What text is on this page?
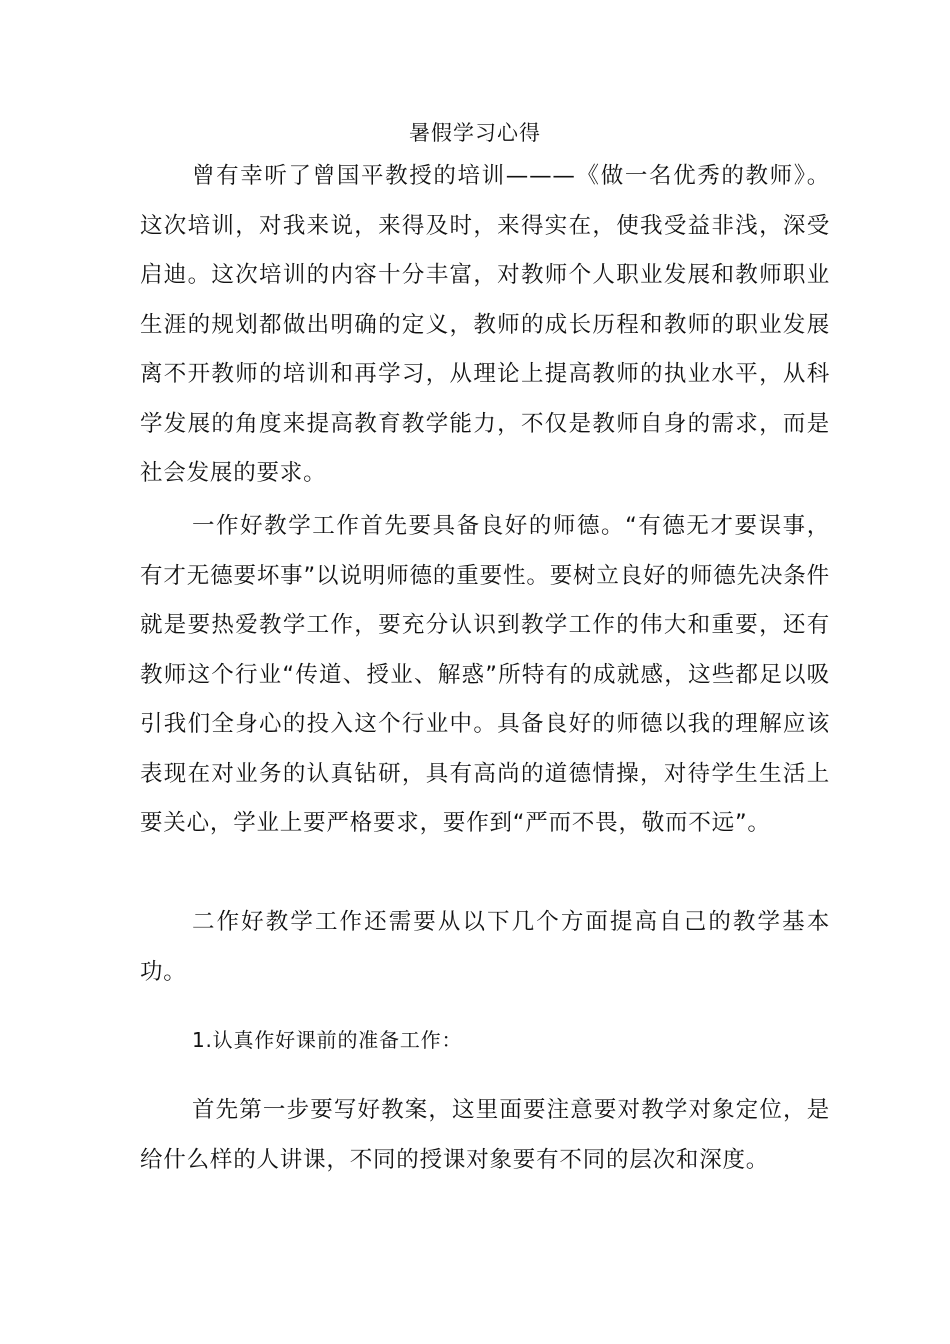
暑假学习心得

曾有幸听了曾国平教授的培训———《做一名优秀的教师》。这次培训，对我来说，来得及时，来得实在，使我受益非浅，深受启迪。这次培训的内容十分丰富，对教师个人职业发展和教师职业生涯的规划都做出明确的定义，教师的成长历程和教师的职业发展离不开教师的培训和再学习，从理论上提高教师的执业水平，从科学发展的角度来提高教育教学能力，不仅是教师自身的需求，而是社会发展的要求。

一作好教学工作首先要具备良好的师德。“有德无才要误事，有才无德要坏事”以说明师德的重要性。要树立良好的师德先决条件就是要热爱教学工作，要充分认识到教学工作的伟大和重要，还有教师这个行业“传道、授业、解惑”所特有的成就感，这些都足以吸引我们全身心的投入这个行业中。具备良好的师德以我的理解应该表现在对业务的认真钻研，具有高尚的道德情操，对待学生生活上要关心，学业上要严格要求，要作到“严而不畏，敬而不远”。

二作好教学工作还需要从以下几个方面提高自己的教学基本功。

1.认真作好课前的准备工作：

首先第一步要写好教案，这里面要注意要对教学对象定位，是给什么样的人讲课，不同的授课对象要有不同的层次和深度。
